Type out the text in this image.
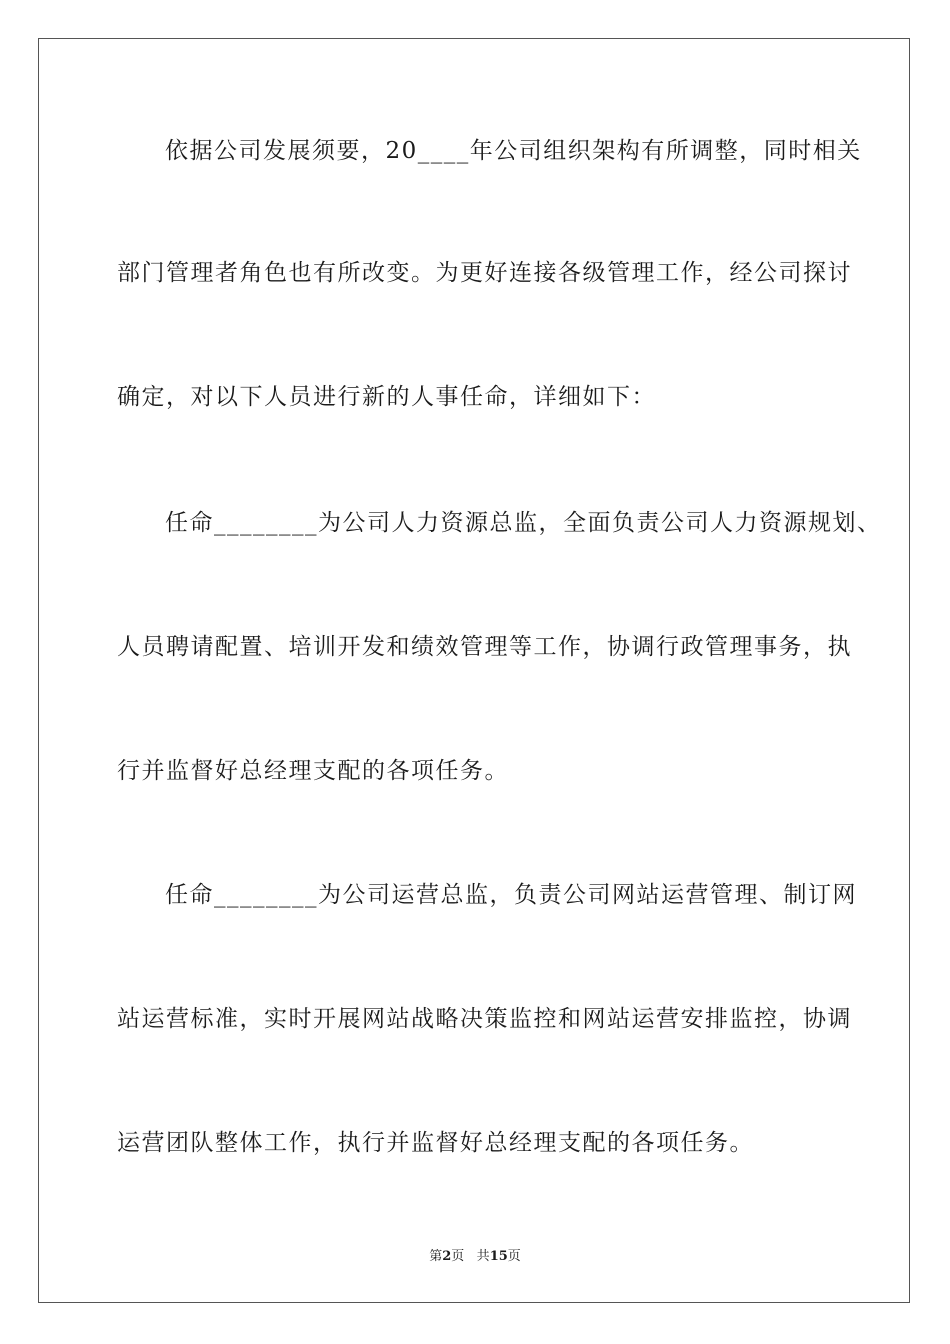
依据公司发展须要，20____年公司组织架构有所调整，同时相关
部门管理者角色也有所改变。为更好连接各级管理工作，经公司探讨
确定，对以下人员进行新的人事任命，详细如下：
任命________为公司人力资源总监，全面负责公司人力资源规划、
人员聘请配置、培训开发和绩效管理等工作，协调行政管理事务，执
行并监督好总经理支配的各项任务。
任命________为公司运营总监，负责公司网站运营管理、制订网
站运营标准，实时开展网站战略决策监控和网站运营安排监控，协调
运营团队整体工作，执行并监督好总经理支配的各项任务。
第2页 共15页
